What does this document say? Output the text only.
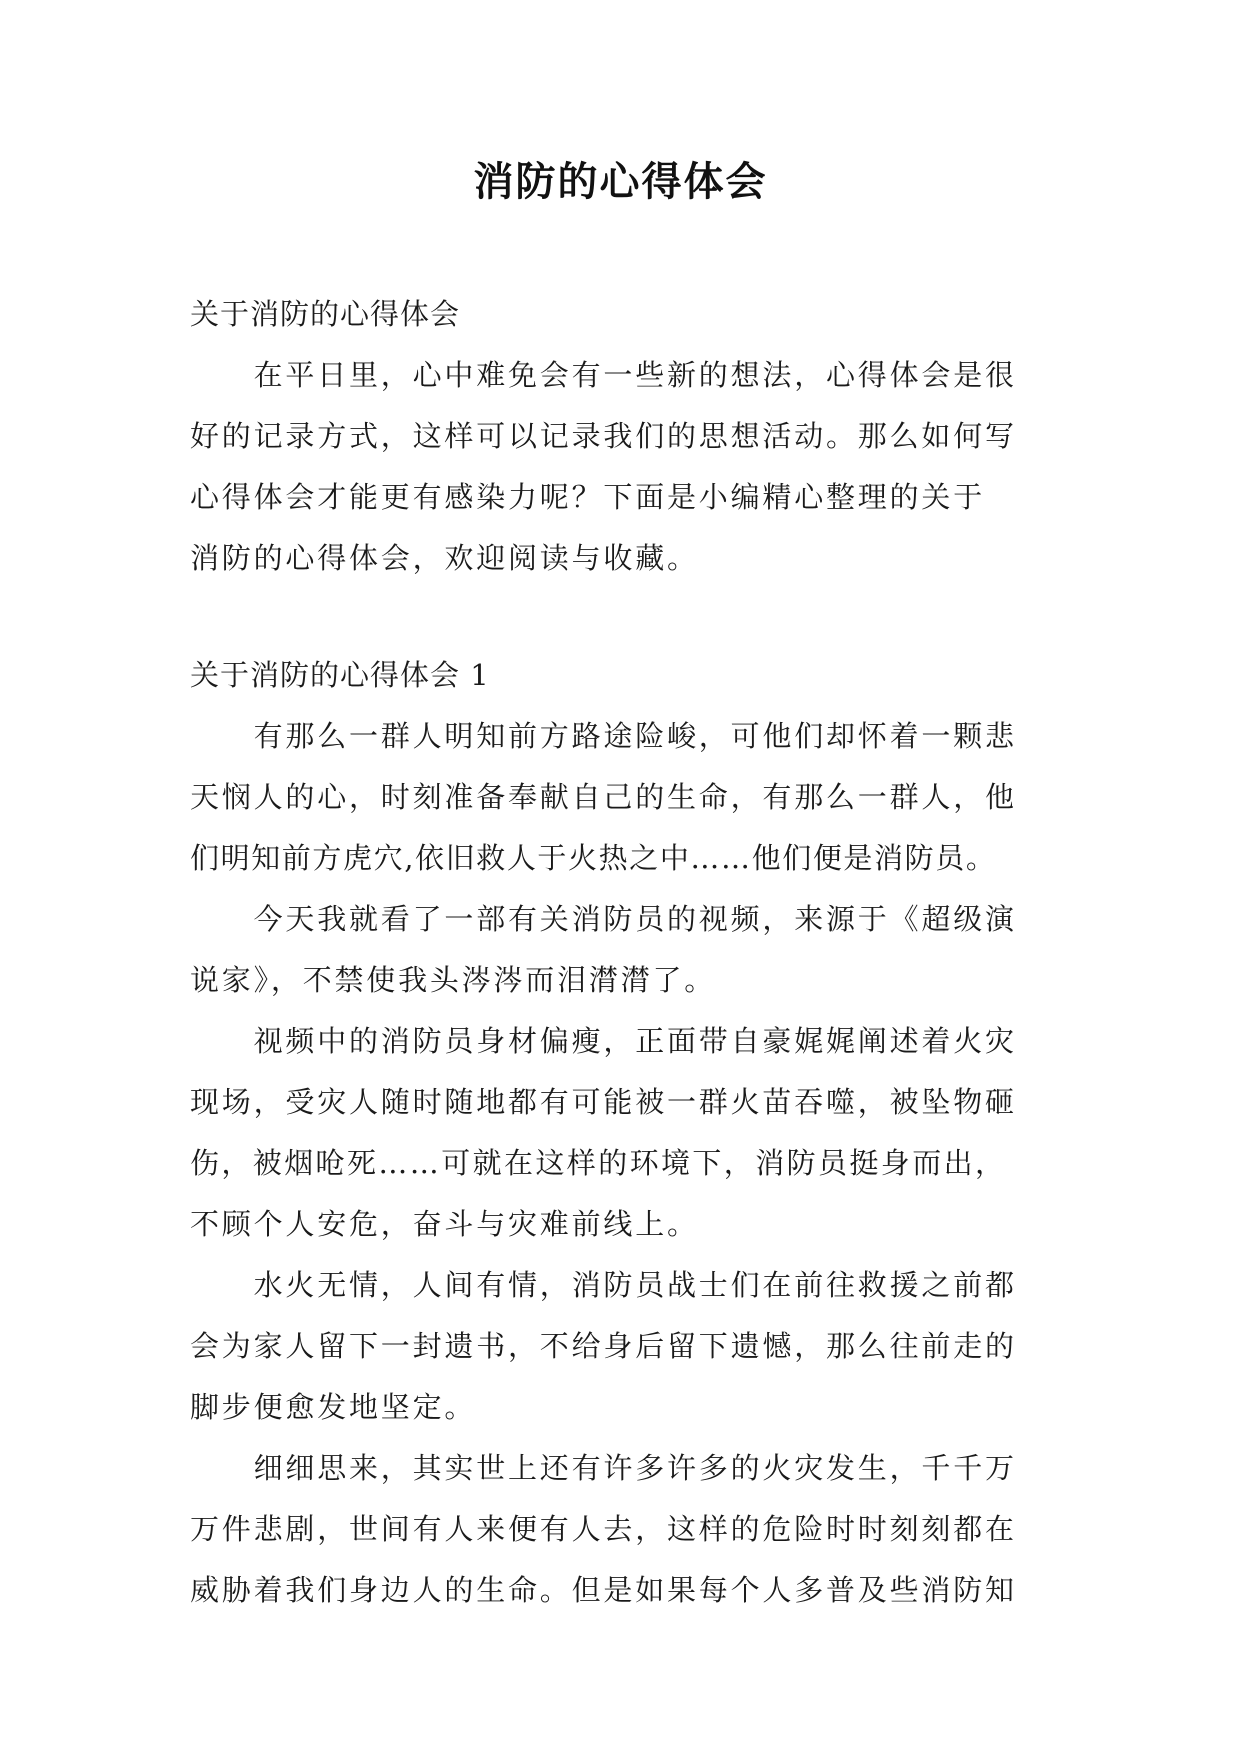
消防的心得体会
关于消防的心得体会
　　在平日里，心中难免会有一些新的想法，心得体会是很
好的记录方式，这样可以记录我们的思想活动。那么如何写
心得体会才能更有感染力呢？下面是小编精心整理的关于
消防的心得体会，欢迎阅读与收藏。
关于消防的心得体会 1
　　有那么一群人明知前方路途险峻，可他们却怀着一颗悲
天悯人的心，时刻准备奉献自己的生命，有那么一群人，他
们明知前方虎穴,依旧救人于火热之中……他们便是消防员。
　　今天我就看了一部有关消防员的视频，来源于《超级演
说家》，不禁使我头涔涔而泪潸潸了。
　　视频中的消防员身材偏瘦，正面带自豪娓娓阐述着火灾
现场，受灾人随时随地都有可能被一群火苗吞噬，被坠物砸
伤，被烟呛死……可就在这样的环境下，消防员挺身而出，
不顾个人安危，奋斗与灾难前线上。
　　水火无情，人间有情，消防员战士们在前往救援之前都
会为家人留下一封遗书，不给身后留下遗憾，那么往前走的
脚步便愈发地坚定。
　　细细思来，其实世上还有许多许多的火灾发生，千千万
万件悲剧，世间有人来便有人去，这样的危险时时刻刻都在
威胁着我们身边人的生命。但是如果每个人多普及些消防知
